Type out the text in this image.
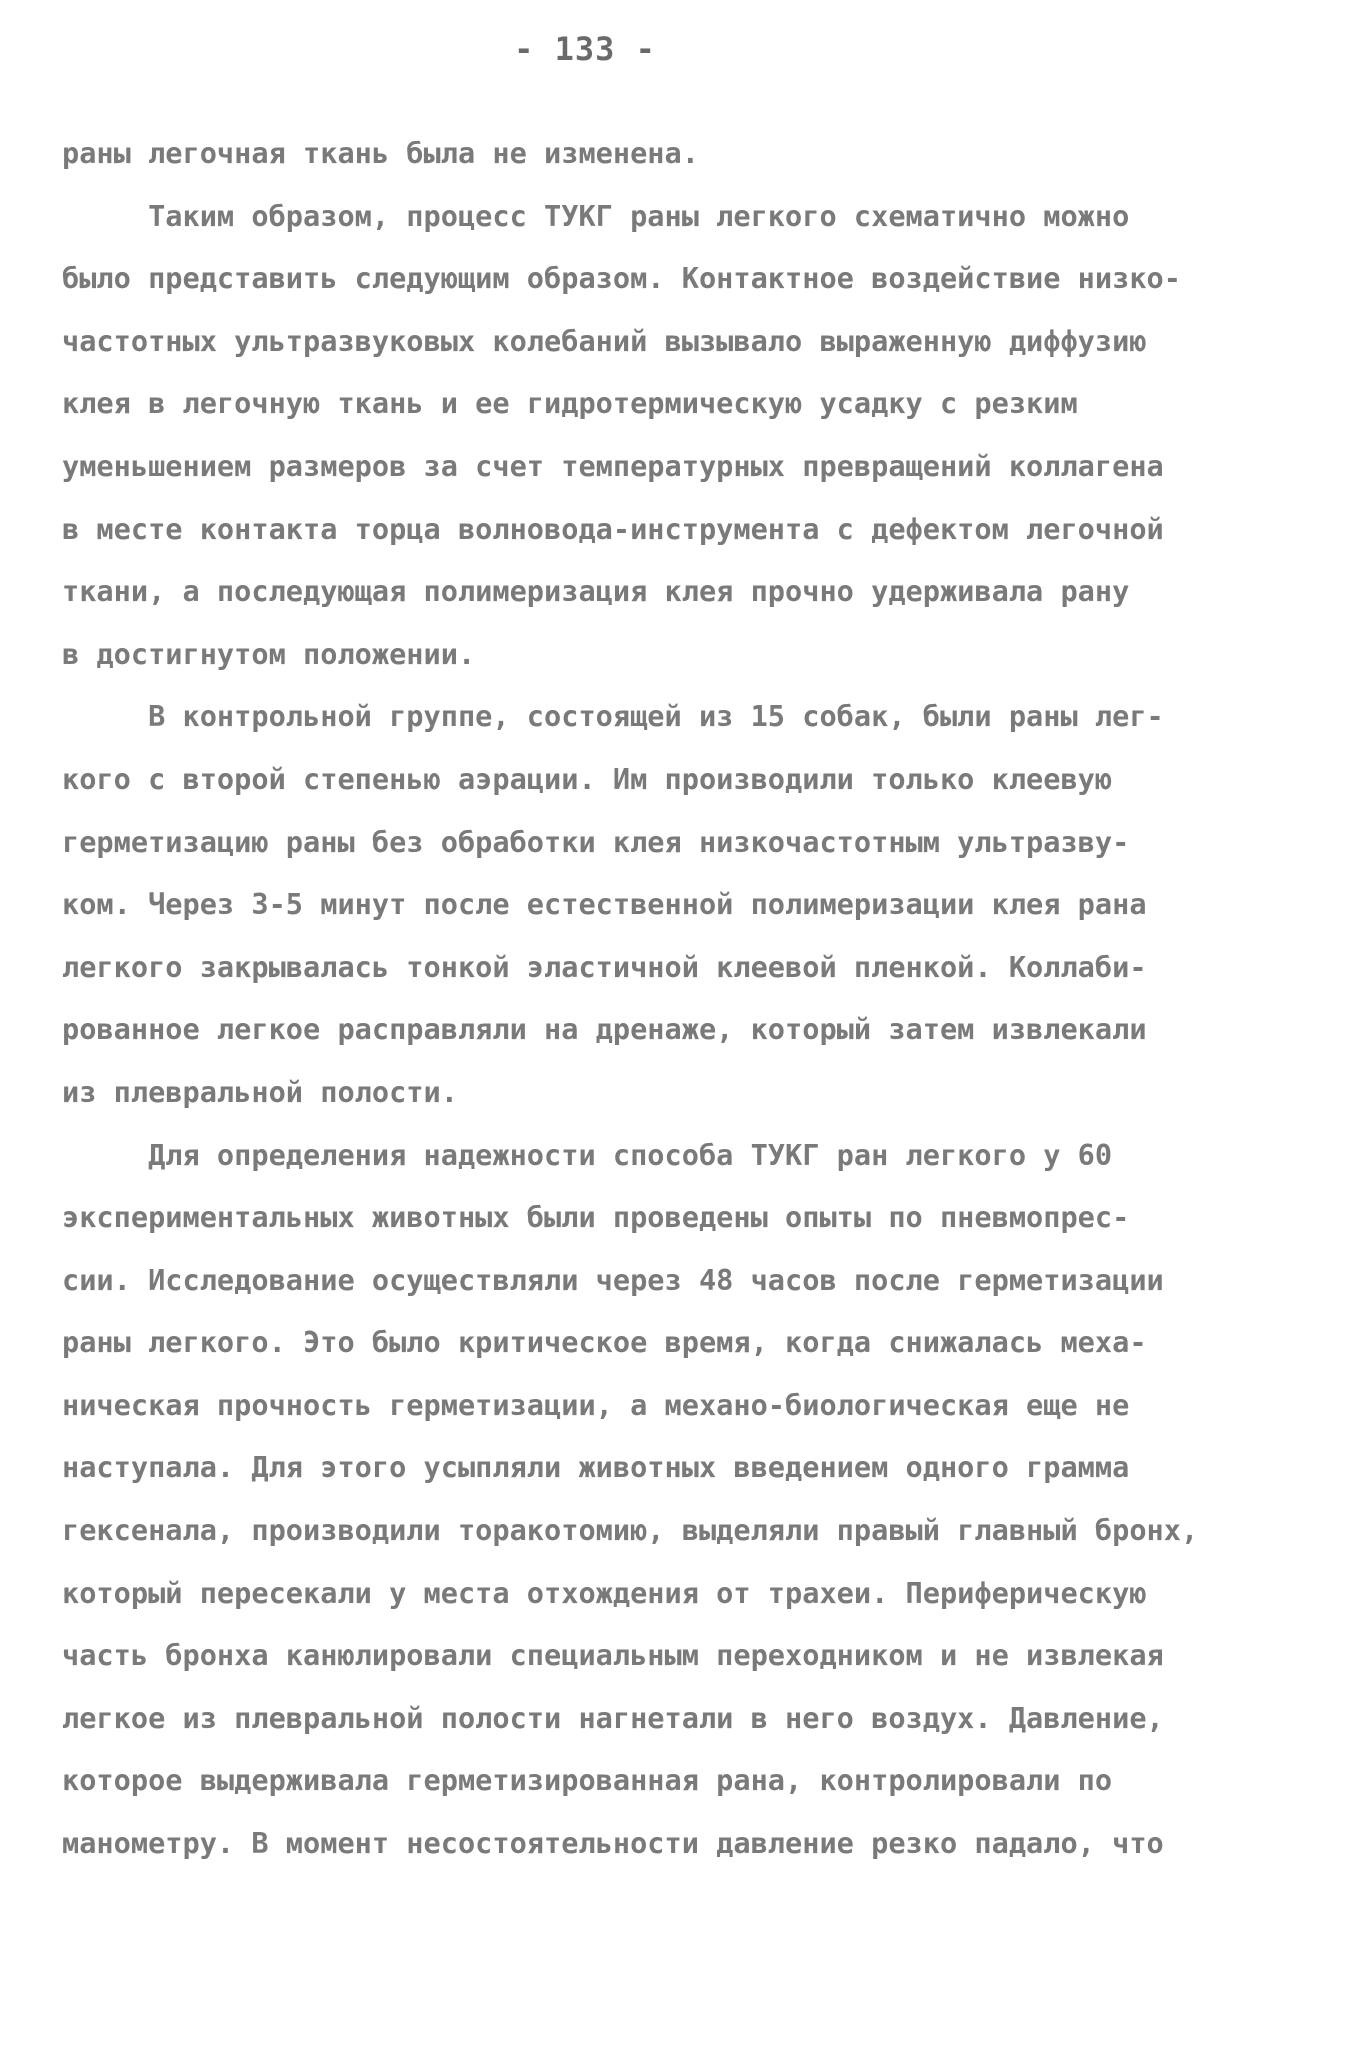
- 133 -
раны легочная ткань была не изменена.
Таким образом, процесс ТУКГ раны легкого схематично можно
было представить следующим образом. Контактное воздействие низко-
частотных ультразвуковых колебаний вызывало выраженную диффузию
клея в легочную ткань и ее гидротермическую усадку с резким
уменьшением размеров за счет температурных превращений коллагена
в месте контакта торца волновода-инструмента с дефектом легочной
ткани, а последующая полимеризация клея прочно удерживала рану
в достигнутом положении.
В контрольной группе, состоящей из 15 собак, были раны лег-
кого с второй степенью аэрации. Им производили только клеевую
герметизацию раны без обработки клея низкочастотным ультразву-
ком. Через 3-5 минут после естественной полимеризации клея рана
легкого закрывалась тонкой эластичной клеевой пленкой. Коллаби-
рованное легкое расправляли на дренаже, который затем извлекали
из плевральной полости.
Для определения надежности способа ТУКГ ран легкого у 60
экспериментальных животных были проведены опыты по пневмопрес-
сии. Исследование осуществляли через 48 часов после герметизации
раны легкого. Это было критическое время, когда снижалась меха-
ническая прочность герметизации, а механо-биологическая еще не
наступала. Для этого усыпляли животных введением одного грамма
гексенала, производили торакотомию, выделяли правый главный бронх,
который пересекали у места отхождения от трахеи. Периферическую
часть бронха канюлировали специальным переходником и не извлекая
легкое из плевральной полости нагнетали в него воздух. Давление,
которое выдерживала герметизированная рана, контролировали по
манометру. В момент несостоятельности давление резко падало, что
